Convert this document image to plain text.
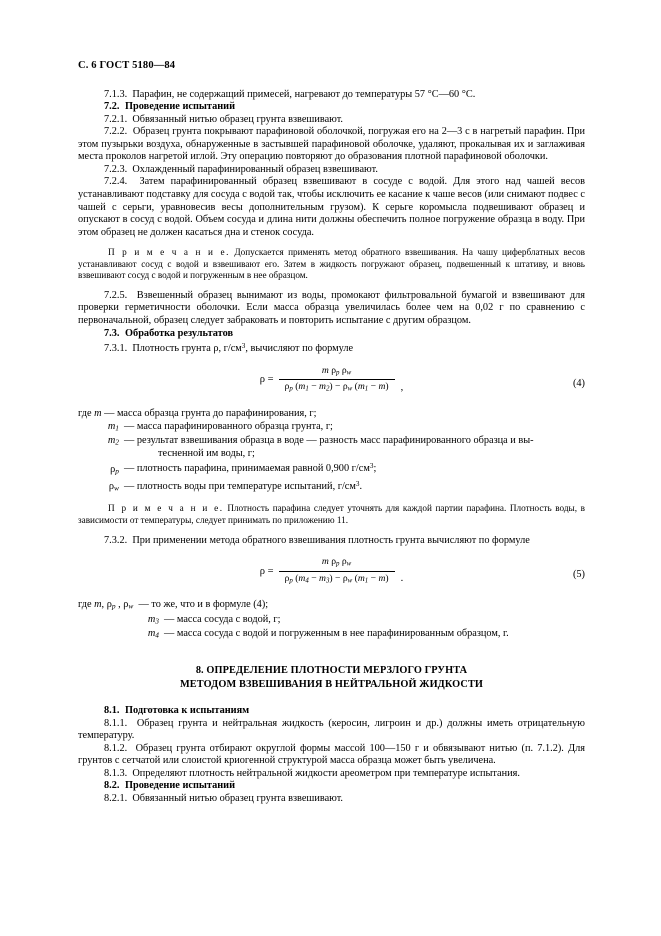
С. 6 ГОСТ 5180—84

7.1.3. Парафин, не содержащий примесей, нагревают до температуры 57 °С—60 °С.

7.2. Проведение испытаний

7.2.1. Обвязанный нитью образец грунта взвешивают.

7.2.2. Образец грунта покрывают парафиновой оболочкой, погружая его на 2—3 с в нагретый парафин. При этом пузырьки воздуха, обнаруженные в застывшей парафиновой оболочке, удаляют, прокалывая их и заглаживая места проколов нагретой иглой. Эту операцию повторяют до образования плотной парафиновой оболочки.

7.2.3. Охлажденный парафинированный образец взвешивают.

7.2.4. Затем парафинированный образец взвешивают в сосуде с водой. Для этого над чашей весов устанавливают подставку для сосуда с водой так, чтобы исключить ее касание к чаше весов (или снимают подвес с чашей с серьги, уравновесив весы дополнительным грузом). К серьге коромысла подвешивают образец и опускают в сосуд с водой. Объем сосуда и длина нити должны обеспечить полное погружение образца в воду. При этом образец не должен касаться дна и стенок сосуда.

П р и м е ч а н и е. Допускается применять метод обратного взвешивания. На чашу циферблатных весов устанавливают сосуд с водой и взвешивают его. Затем в жидкость погружают образец, подвешенный к штативу, и вновь взвешивают сосуд с водой и погруженным в нее образцом.

7.2.5. Взвешенный образец вынимают из воды, промокают фильтровальной бумагой и взвешивают для проверки герметичности оболочки. Если масса образца увеличилась более чем на 0,02 г по сравнению с первоначальной, образец следует забраковать и повторить испытание с другим образцом.

7.3. Обработка результатов

7.3.1. Плотность грунта ρ, $г/см^3$, вычисляют по формуле

$\rho = \frac{m \rho_p \rho_w}{\rho_p (m_1 - m_2) - \rho_w (m_1 - m)}$ ,	(4)
где m — масса образца грунта до парафинирования, г;
$m_1$ — масса парафинированного образца грунта, г;
$m_2$ — результат взвешивания образца в воде — разность масс парафинированного образца и вы-
тесненной им воды, г;
$\rho_p$ — плотность парафина, принимаемая равной 0,900 $г/см^3$;
$\rho_w$ — плотность воды при температуре испытаний, $г/см^3$.

П р и м е ч а н и е. Плотность парафина следует уточнять для каждой партии парафина. Плотность воды, в зависимости от температуры, следует принимать по приложению 11.

7.3.2. При применении метода обратного взвешивания плотность грунта вычисляют по формуле

$\rho = \frac{m \rho_p \rho_w}{\rho_p (m_4 - m_3) - \rho_w (m_1 - m)}$ .	(5)
где m, $\rho_p$ , $\rho_w$  — то же, что и в формуле (4);
$m_3$ — масса сосуда с водой, г;
$m_4$ — масса сосуда с водой и погруженным в нее парафинированным образцом, г.
8. ОПРЕДЕЛЕНИЕ ПЛОТНОСТИ МЕРЗЛОГО ГРУНТА
МЕТОДОМ ВЗВЕШИВАНИЯ В НЕЙТРАЛЬНОЙ ЖИДКОСТИ

8.1. Подготовка к испытаниям

8.1.1. Образец грунта и нейтральная жидкость (керосин, лигроин и др.) должны иметь отрицательную температуру.

8.1.2. Образец грунта отбирают округлой формы массой 100—150 г и обвязывают нитью (п. 7.1.2). Для грунтов с сетчатой или слоистой криогенной структурой масса образца может быть увеличена.

8.1.3. Определяют плотность нейтральной жидкости ареометром при температуре испытания.

8.2. Проведение испытаний

8.2.1. Обвязанный нитью образец грунта взвешивают.
